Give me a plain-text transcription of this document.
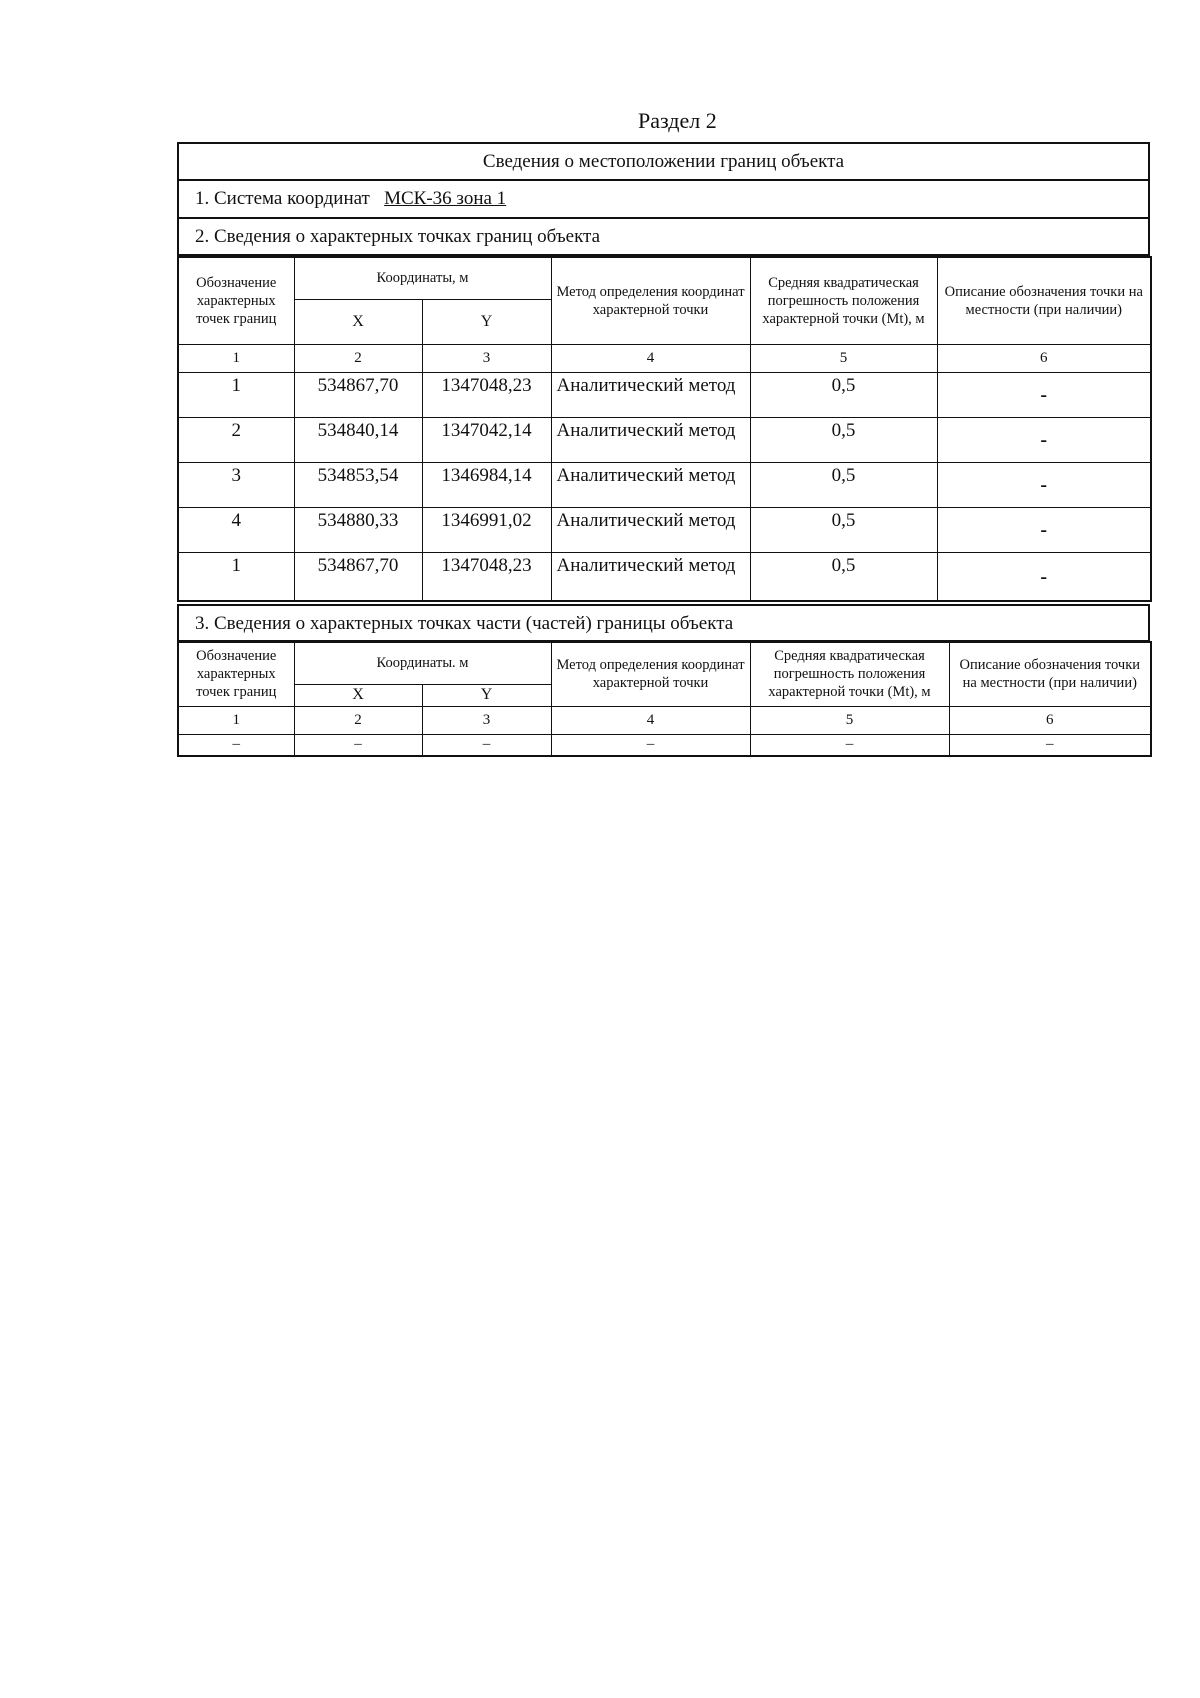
Раздел 2
Сведения о местоположении границ объекта
1. Система координат МСК-36 зона 1
2. Сведения о характерных точках границ объекта
Обозначение характерных точек границ	Координаты, м		Метод определения координат характерной точки	Средняя квадратическая погрешность положения характерной точки (Mt), м	Описание обозначения точки на местности (при наличии)
	X	Y			
1	2	3	4	5	6
1	534867,70	1347048,23	Аналитический метод	0,5	-
2	534840,14	1347042,14	Аналитический метод	0,5	-
3	534853,54	1346984,14	Аналитический метод	0,5	-
4	534880,33	1346991,02	Аналитический метод	0,5	-
1	534867,70	1347048,23	Аналитический метод	0,5	-
3. Сведения о характерных точках части (частей) границы объекта
Обозначение характерных точек границ	Координаты. м		Метод определения координат характерной точки	Средняя квадратическая погрешность положения характерной точки (Mt), м	Описание обозначения точки на местности (при наличии)
	X	Y			
1	2	3	4	5	6
–	–	–	–	–	–
